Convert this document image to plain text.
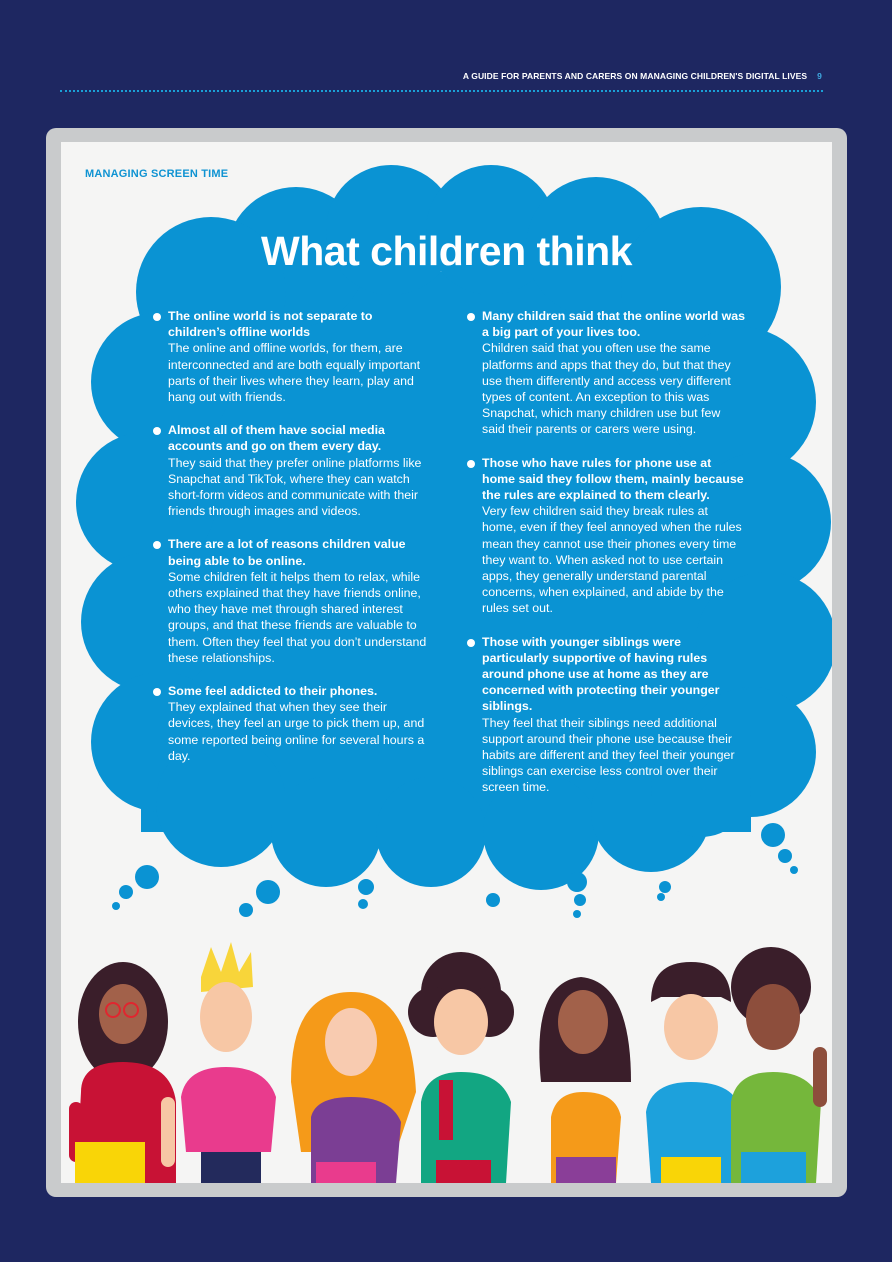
A GUIDE FOR PARENTS AND CARERS ON MANAGING CHILDREN'S DIGITAL LIVES 9
MANAGING SCREEN TIME
What children think
The online world is not separate to children’s offline worlds
The online and offline worlds, for them, are interconnected and are both equally important parts of their lives where they learn, play and hang out with friends.
Almost all of them have social media accounts and go on them every day.
They said that they prefer online platforms like Snapchat and TikTok, where they can watch short-form videos and communicate with their friends through images and videos.
There are a lot of reasons children value being able to be online.
Some children felt it helps them to relax, while others explained that they have friends online, who they have met through shared interest groups, and that these friends are valuable to them. Often they feel that you don’t understand these relationships.
Some feel addicted to their phones.
They explained that when they see their devices, they feel an urge to pick them up, and some reported being online for several hours a day.
Many children said that the online world was a big part of your lives too.
Children said that you often use the same platforms and apps that they do, but that they use them differently and access very different types of content. An exception to this was Snapchat, which many children use but few said their parents or carers were using.
Those who have rules for phone use at home said they follow them, mainly because the rules are explained to them clearly.
Very few children said they break rules at home, even if they feel annoyed when the rules mean they cannot use their phones every time they want to. When asked not to use certain apps, they generally understand parental concerns, when explained, and abide by the rules set out.
Those with younger siblings were particularly supportive of having rules around phone use at home as they are concerned with protecting their younger siblings.
They feel that their siblings need additional support around their phone use because their habits are different and they feel their younger siblings can exercise less control over their screen time.
